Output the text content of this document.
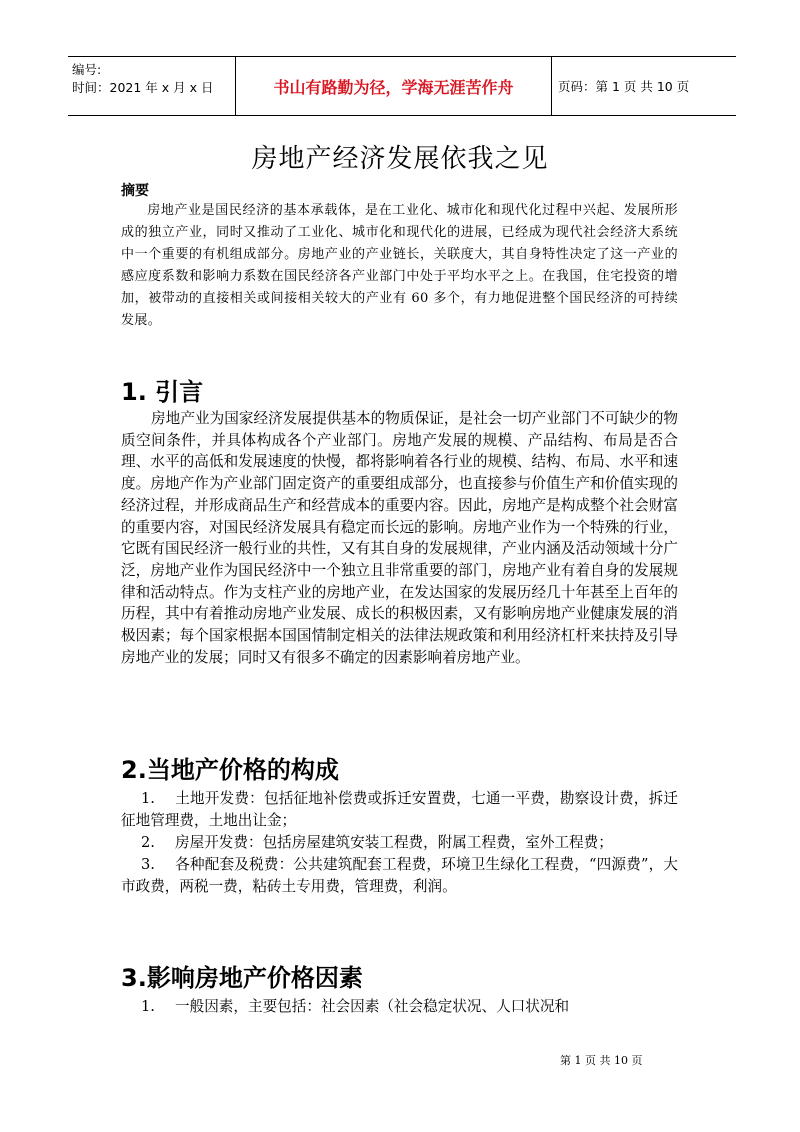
编号:
时间：2021 年 x 月 x 日	书山有路勤为径，学海无涯苦作舟	页码：第 1 页 共 10 页
房地产经济发展依我之见
摘要
房地产业是国民经济的基本承载体，是在工业化、城市化和现代化过程中兴起、发展所形成的独立产业，同时又推动了工业化、城市化和现代化的进展，已经成为现代社会经济大系统中一个重要的有机组成部分。房地产业的产业链长，关联度大，其自身特性决定了这一产业的感应度系数和影响力系数在国民经济各产业部门中处于平均水平之上。在我国，住宅投资的增加，被带动的直接相关或间接相关较大的产业有 60 多个，有力地促进整个国民经济的可持续发展。
1. 引言
房地产业为国家经济发展提供基本的物质保证，是社会一切产业部门不可缺少的物质空间条件，并具体构成各个产业部门。房地产发展的规模、产品结构、布局是否合理、水平的高低和发展速度的快慢，都将影响着各行业的规模、结构、布局、水平和速度。房地产作为产业部门固定资产的重要组成部分，也直接参与价值生产和价值实现的经济过程，并形成商品生产和经营成本的重要内容。因此，房地产是构成整个社会财富的重要内容，对国民经济发展具有稳定而长远的影响。房地产业作为一个特殊的行业，它既有国民经济一般行业的共性，又有其自身的发展规律，产业内涵及活动领域十分广泛，房地产业作为国民经济中一个独立且非常重要的部门，房地产业有着自身的发展规律和活动特点。作为支柱产业的房地产业，在发达国家的发展历经几十年甚至上百年的历程，其中有着推动房地产业发展、成长的积极因素，又有影响房地产业健康发展的消极因素；每个国家根据本国国情制定相关的法律法规政策和利用经济杠杆来扶持及引导房地产业的发展；同时又有很多不确定的因素影响着房地产业。
2.当地产价格的构成
1. 土地开发费：包括征地补偿费或拆迁安置费，七通一平费，勘察设计费，拆迁征地管理费，土地出让金；
2. 房屋开发费：包括房屋建筑安装工程费，附属工程费，室外工程费；
3. 各种配套及税费：公共建筑配套工程费，环境卫生绿化工程费，“四源费”，大市政费，两税一费，粘砖土专用费，管理费，利润。
3.影响房地产价格因素
1. 一般因素，主要包括：社会因素（社会稳定状况、人口状况和
第 1 页 共 10 页
